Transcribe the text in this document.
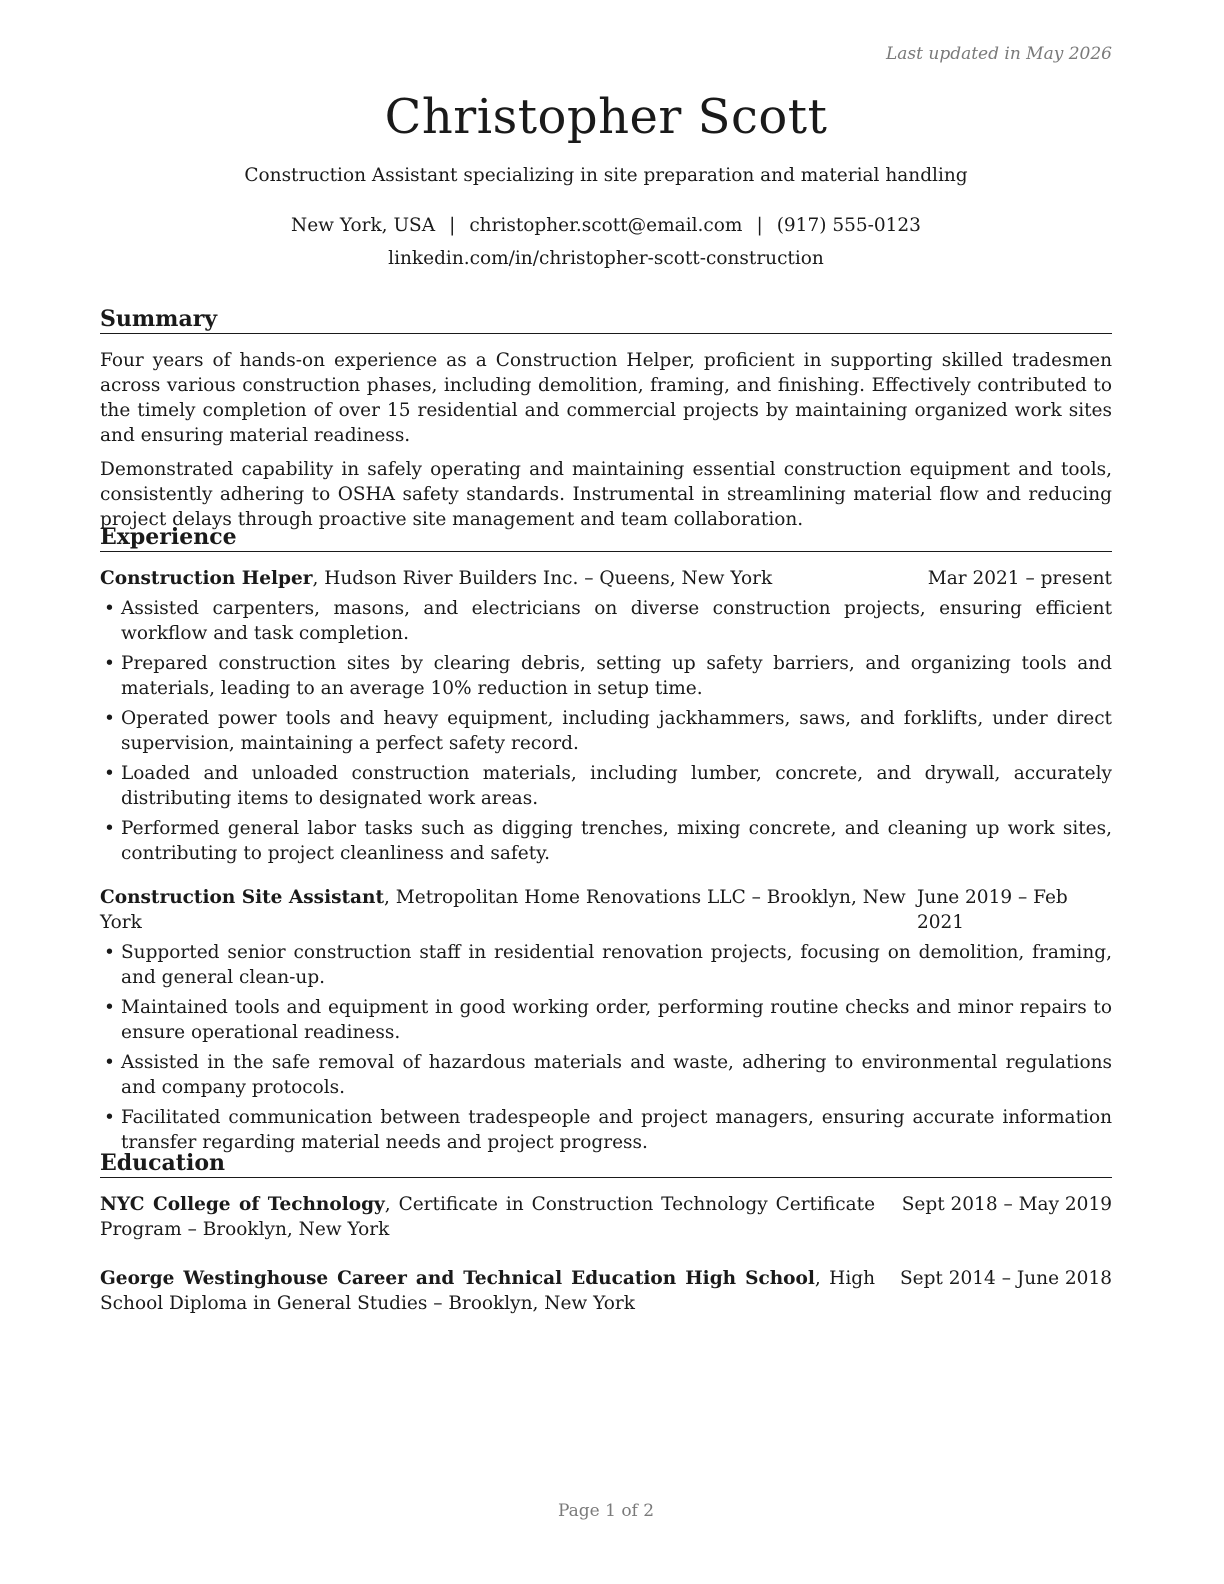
Last updated in May 2026
Christopher Scott
Construction Assistant specializing in site preparation and material handling
New York, USA | christopher.scott@email.com | (917) 555-0123
linkedin.com/in/christopher-scott-construction
Summary

Four years of hands-on experience as a Construction Helper, proficient in supporting skilled tradesmen across various construction phases, including demolition, framing, and finishing. Effectively contributed to the timely completion of over 15 residential and commercial projects by maintaining organized work sites and ensuring material readiness.

Demonstrated capability in safely operating and maintaining essential construction equipment and tools, consistently adhering to OSHA safety standards. Instrumental in streamlining material flow and reducing project delays through proactive site management and team collaboration.

Experience
Construction Helper, Hudson River Builders Inc. – Queens, New York	Mar 2021 – present
• Assisted carpenters, masons, and electricians on diverse construction projects, ensuring efficient workflow and task completion.
• Prepared construction sites by clearing debris, setting up safety barriers, and organizing tools and materials, leading to an average 10% reduction in setup time.
• Operated power tools and heavy equipment, including jackhammers, saws, and forklifts, under direct supervision, maintaining a perfect safety record.
• Loaded and unloaded construction materials, including lumber, concrete, and drywall, accurately distributing items to designated work areas.
• Performed general labor tasks such as digging trenches, mixing concrete, and cleaning up work sites, contributing to project cleanliness and safety.
Construction Site Assistant, Metropolitan Home Renovations LLC – Brooklyn, New York
June 2019 – Feb 2021
• Supported senior construction staff in residential renovation projects, focusing on demolition, framing, and general clean-up.
• Maintained tools and equipment in good working order, performing routine checks and minor repairs to ensure operational readiness.
• Assisted in the safe removal of hazardous materials and waste, adhering to environmental regulations and company protocols.
• Facilitated communication between tradespeople and project managers, ensuring accurate information transfer regarding material needs and project progress.
Education
NYC College of Technology, Certificate in Construction Technology Certificate Program – Brooklyn, New York
Sept 2018 – May 2019
George Westinghouse Career and Technical Education High School, High School Diploma in General Studies – Brooklyn, New York
Sept 2014 – June 2018
Page 1 of 2
